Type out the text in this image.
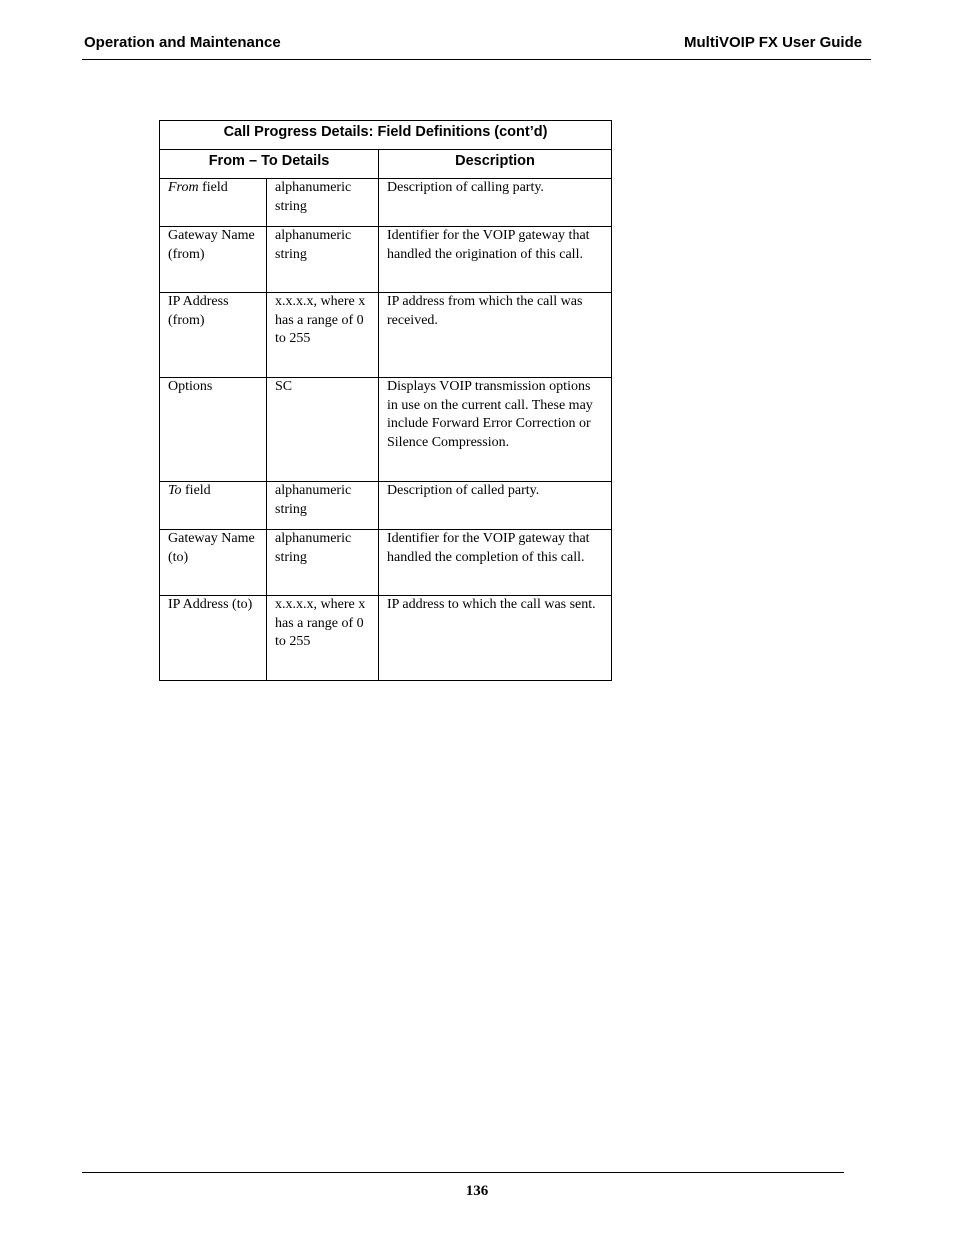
Operation and Maintenance	MultiVOIP FX User Guide
Call Progress Details: Field Definitions (cont’d)		
From – To Details		Description
From field	alphanumeric string	Description of calling party.
Gateway Name (from)	alphanumeric string	Identifier for the VOIP gateway that handled the origination of this call.
IP Address (from)	x.x.x.x, where x has a range of 0 to 255	IP address from which the call was received.
Options	SC	Displays VOIP transmission options in use on the current call. These may include Forward Error Correction or Silence Compression.
To field	alphanumeric string	Description of called party.
Gateway Name (to)	alphanumeric string	Identifier for the VOIP gateway that handled the completion of this call.
IP Address (to)	x.x.x.x, where x has a range of 0 to 255	IP address to which the call was sent.
136
